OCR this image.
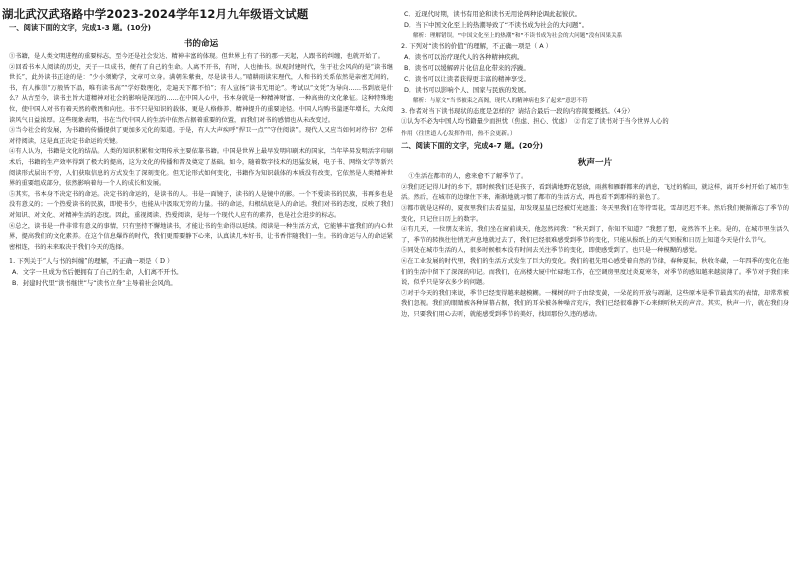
湖北武汉武珞路中学2023-2024学年12月九年级语文试题
一、阅读下面的文字，完成1-3 题。(10分)
书的命运
①书籍，是人类文明进程的重要标志，至今还是社会发达、精神丰富的体现。但世界上有了书的那一天起，人跟书的纠缠，也就开始了。
②回看书本人阅读的历史，天子一旦成书，便有了自己的生命。人离不开书，有时，人也抽书。纵观封建时代，生于社会风尚的是“读书继世长”，此外读书正途的是：“少小须勤学，文章可立身。满朝朱紫贵，尽是读书人。”晴耕雨读宋理代，人和书的关系依然是亲密无间的，书，有人推崇“万般皆下品，唯有读书高”“学好数理化，走遍天下都不怕”；有人宣扬“读书无用论”。考试以“文凭”为导向……书到底是什么？从古至今，读书主旨大道精神对社会的影响是深远的……在中国人心中，书本身就是一种精神财富、一种高贵的文化象征。这种特殊地位，使中国人对书有着天然的敬畏和向往。书不只是知识的载体，更是人格修养、精神提升的重要途径。中国人均购书量逐年增长，大众阅读风气日益浓厚。这些现象表明，书在当代中国人的生活中依然占据着重要的位置，而我们对书的感情也从未改变过。
③当今社会的发展，为书籍的传播提供了更加多元化的渠道。于是，有人大声疾呼“捍卫一点”“守住阅读”。现代人又应当如何对待书？怎样对待阅读，这是真正决定书命运的关键。
④有人认为，书籍是文化的结晶。人类的知识积累和文明传承主要依靠书籍。中国是世界上最早发明印刷术的国家，当年毕昇发明活字印刷术后，书籍的生产效率得到了极大的提高，这为文化的传播和普及奠定了基础。如今，随着数字技术的迅猛发展，电子书、网络文学等新兴阅读形式层出不穷，人们获取信息的方式发生了深刻变化。但无论形式如何变化，书籍作为知识载体的本质没有改变，它依然是人类精神世界的重要组成部分，依然影响着每一个人的成长和发展。
⑤其实，书本身不决定书的命运。决定书的命运的，是读书的人。书是一面镜子，读书的人是镜中的影。一个不爱读书的民族，书再多也是没有意义的；一个热爱读书的民族，即使书少，也能从中汲取无穷的力量。书的命运，归根结底是人的命运。我们对书的态度，反映了我们对知识、对文化、对精神生活的态度。因此，重视阅读、热爱阅读，是每一个现代人应有的素养，也是社会进步的标志。
⑥总之，读书是一件非常有意义的事情，只有坚持不懈地读书，才能让书的生命得以延续。阅读是一种生活方式，它能够丰富我们的内心世界，提高我们的文化素养。在这个信息爆炸的时代，我们更需要静下心来，认真读几本好书，让书香伴随我们一生。书的命运与人的命运紧密相连，书的未来取决于我们今天的选择。
1. 下列关于“人与书的纠缠”的理解，不正确一项是（ D ）
A．文字一旦成为书后便拥有了自己的生命，人们离不开书。
B．封建时代里“读书继世”与“读书立身”主导着社会风尚。
C．近现代时期，读书有用论和读书无用论两种论调此起彼伏。
D．当下中国文化至上的热潮导致了“不读书成为社会的大问题”。
解析：理解错误。“中国文化至上的热潮”和“不读书成为社会的大问题”没有因果关系
2. 下列对“读书的价值”的理解，不正确一项是（ A ）
A．读书可以治疗现代人的各种精神疾病。
B．读书可以缓解碎片化信息化带来的浮躁。
C．读书可以让读者获得更丰富的精神享受。
D．读书可以影响个人、国家与民族的发展。
解析：与原文“当书被束之高阁，现代人的精神病也多了起来”意思不符
3. 作者对当下读书现状的态度是怎样的？请结合最后一段的内容简要概括。（4分）
①认为不必为中国人均书籍量少而担忧（焦虑、担心、忧虑）　②肯定了读书对于当今世界人心的
作用（往世道人心发挥作用，热不会更新。）
二、阅读下面的文字，完成4-7 题。(20分)
秋声一片
①生活在都市的人，愈来愈不了解季节了。
②我们还记得儿时的乡下，那时候我们还是孩子，看到满地野花怒放，雨燕和雁群都来的消息，飞过的稻田，就这样，离开乡村开始了城市生活。然后，在城市的边缘住下来，渐渐地就习惯了都市的生活方式，再也看不到那样的景色了。
③都市就是这样的，夏夜里我们去看星星，却发现星星已经被灯光遮盖；冬天里我们在等待雪花，雪却迟迟不来。然后我们便渐渐忘了季节的变化，只记住日历上的数字。
④有几天，一位朋友来访，我们坐在窗前谈天，他忽然问我：“秋天到了，你知不知道？”我想了想，竟然答不上来。是的，在城市里生活久了，季节的转换往往悄无声息地就过去了，我们已经很难感受到季节的变化，只能从报纸上的天气预报和日历上知道今天是什么节气。
⑤同处在城市生活的人，很多时候根本没有时间去关注季节的变化，即使感受到了，也只是一种模糊的感觉。
⑥在工业发展的时代里，我们的生活方式发生了巨大的变化。我们的祖先用心感受着自然的节律，春种夏耘，秋收冬藏，一年四季的变化在他们的生活中留下了深深的印记。而我们，在高楼大厦中忙碌地工作，在空调房里度过炎夏寒冬，对季节的感知越来越淡薄了。季节对于我们来说，似乎只是穿衣多少的问题。
⑦对于今天的我们来说，季节已经变得越来越模糊。一棵树的叶子由绿变黄，一朵花的开放与凋谢，这些原本是季节最真实的表情，却常常被我们忽视。我们的眼睛被各种屏幕占据，我们的耳朵被各种噪音充斥，我们已经很难静下心来倾听秋天的声音。其实，秋声一片，就在我们身边，只要我们用心去听，就能感受到季节的美好，找回那份久违的感动。
